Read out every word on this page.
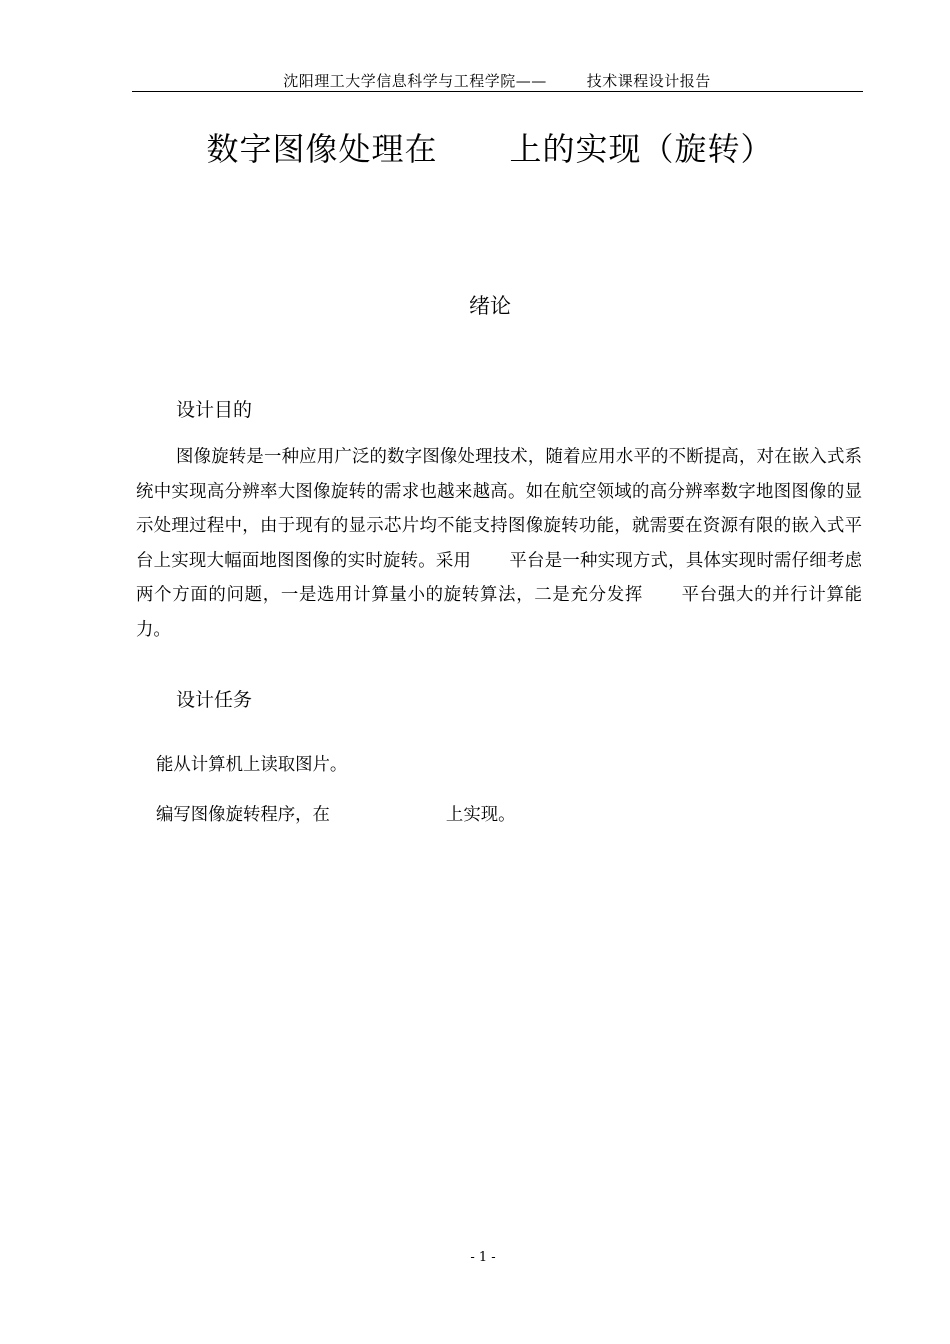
沈阳理工大学信息科学与工程学院——	技术课程设计报告
数字图像处理在 上的实现（旋转）
绪论
设计目的
图像旋转是一种应用广泛的数字图像处理技术，随着应用水平的不断提高，对在嵌入式系统中实现高分辨率大图像旋转的需求也越来越高。如在航空领域的高分辨率数字地图图像的显示处理过程中，由于现有的显示芯片均不能支持图像旋转功能，就需要在资源有限的嵌入式平台上实现大幅面地图图像的实时旋转。采用 平台是一种实现方式，具体实现时需仔细考虑两个方面的问题，一是选用计算量小的旋转算法，二是充分发挥 平台强大的并行计算能力。
设计任务
能从计算机上读取图片。
编写图像旋转程序，在	上实现。
- 1 -
